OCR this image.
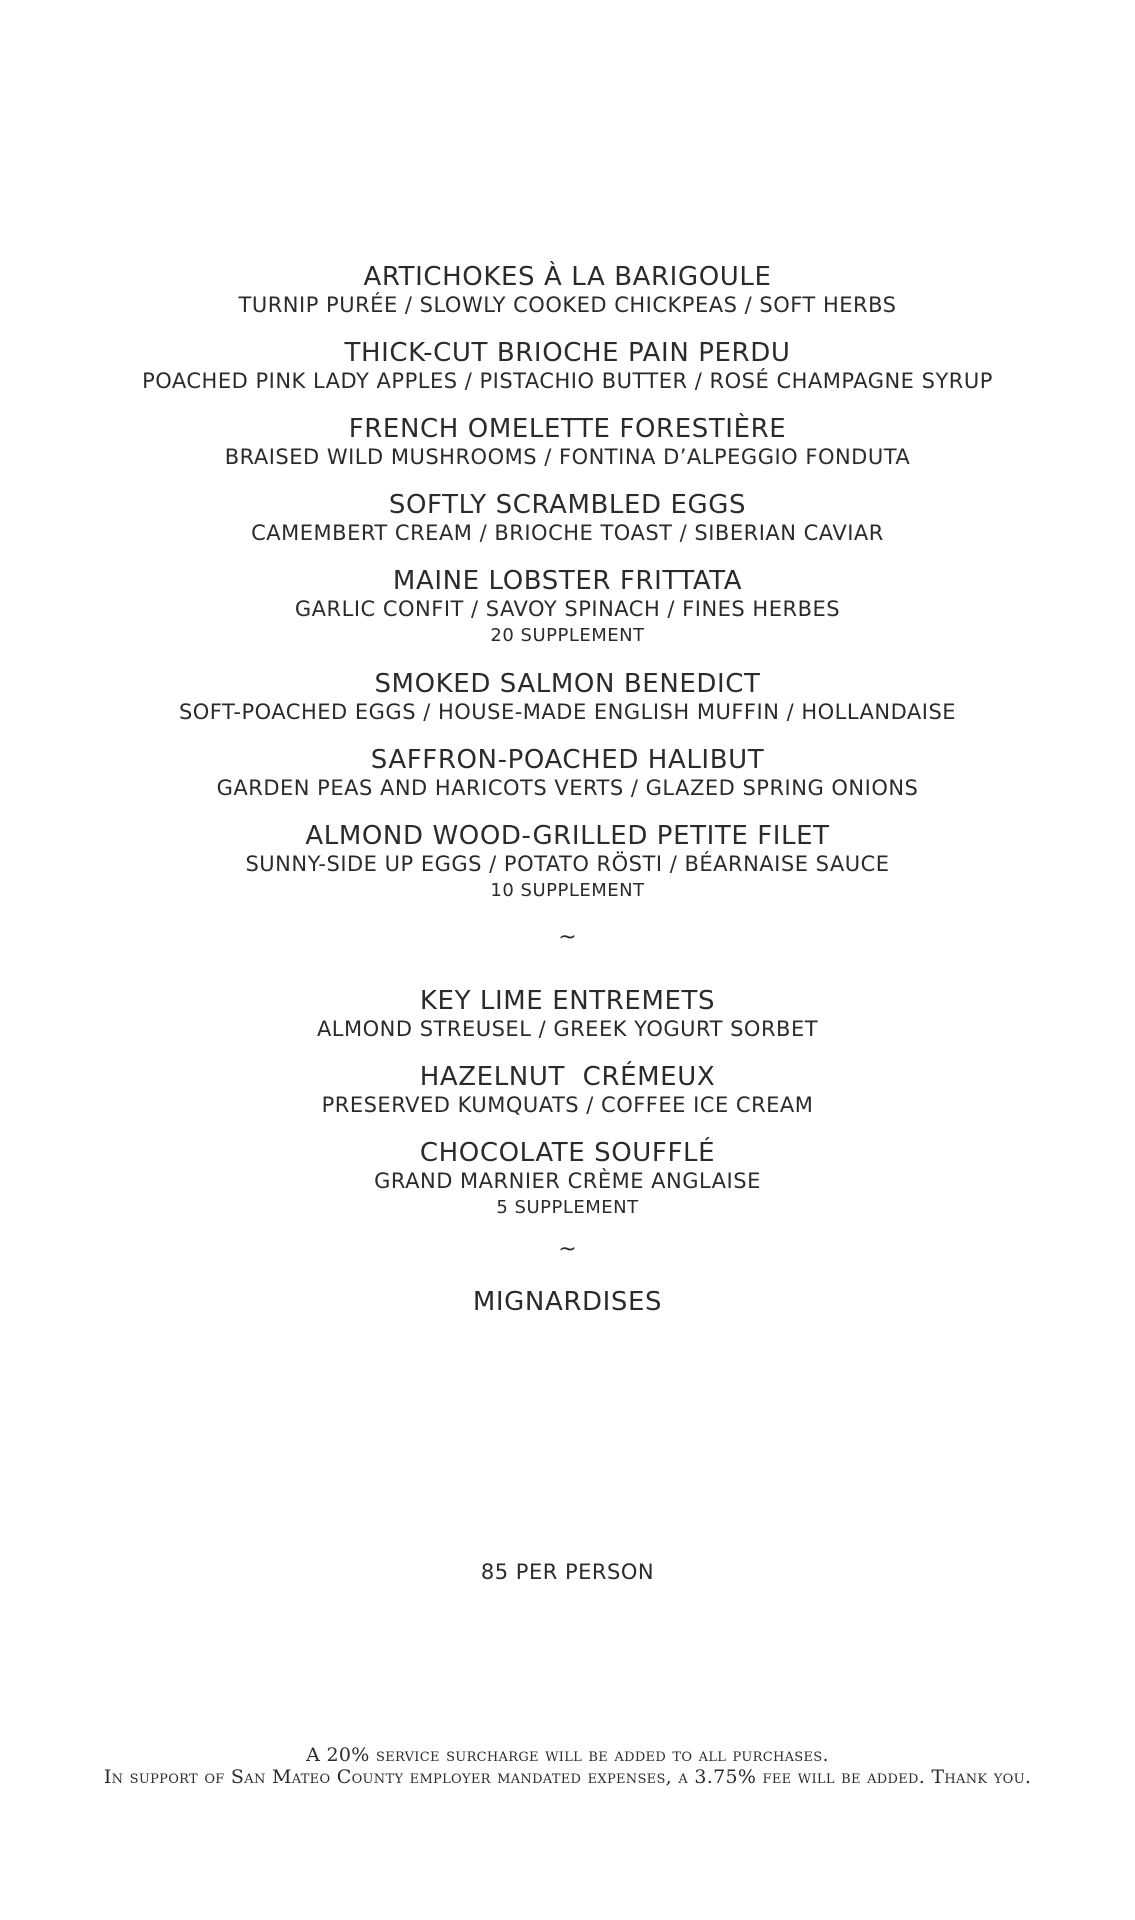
ARTICHOKES À LA BARIGOULE
TURNIP PURÉE / SLOWLY COOKED CHICKPEAS / SOFT HERBS
THICK-CUT BRIOCHE PAIN PERDU
POACHED PINK LADY APPLES / PISTACHIO BUTTER / ROSÉ CHAMPAGNE SYRUP
FRENCH OMELETTE FORESTIÈRE
BRAISED WILD MUSHROOMS / FONTINA D’ALPEGGIO FONDUTA
SOFTLY SCRAMBLED EGGS
CAMEMBERT CREAM / BRIOCHE TOAST / SIBERIAN CAVIAR
MAINE LOBSTER FRITTATA
GARLIC CONFIT / SAVOY SPINACH / FINES HERBES
20 SUPPLEMENT
SMOKED SALMON BENEDICT
SOFT-POACHED EGGS / HOUSE-MADE ENGLISH MUFFIN / HOLLANDAISE
SAFFRON-POACHED HALIBUT
GARDEN PEAS AND HARICOTS VERTS / GLAZED SPRING ONIONS
ALMOND WOOD-GRILLED PETITE FILET
SUNNY-SIDE UP EGGS / POTATO RÖSTI / BÉARNAISE SAUCE
10 SUPPLEMENT
~
KEY LIME ENTREMETS
ALMOND STREUSEL / GREEK YOGURT SORBET
HAZELNUT  CRÉMEUX
PRESERVED KUMQUATS / COFFEE ICE CREAM
CHOCOLATE SOUFFLÉ
GRAND MARNIER CRÈME ANGLAISE
5 SUPPLEMENT
~
MIGNARDISES
85 PER PERSON
A 20% service surcharge will be added to all purchases.
In support of San Mateo County employer mandated expenses, a 3.75% fee will be added. Thank you.
